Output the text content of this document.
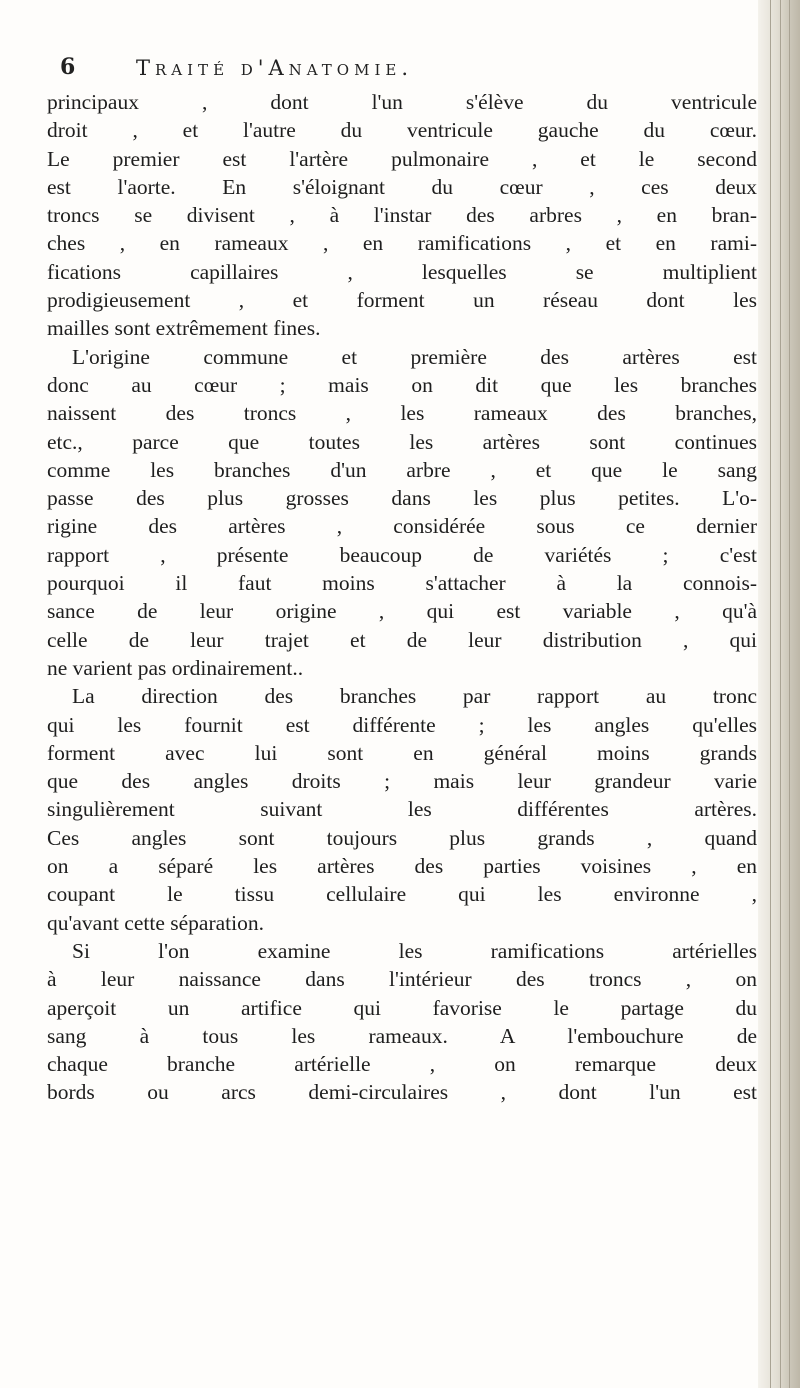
6	Traité d'Anatomie.
principaux , dont l'un s'élève du ventricule
droit , et l'autre du ventricule gauche du cœur.
Le premier est l'artère pulmonaire , et le second
est l'aorte. En s'éloignant du cœur , ces deux
troncs se divisent , à l'instar des arbres , en bran-
ches , en rameaux , en ramifications , et en rami-
fications capillaires , lesquelles se multiplient
prodigieusement , et forment un réseau dont les
mailles sont extrêmement fines.
L'origine commune et première des artères est
donc au cœur ; mais on dit que les branches
naissent des troncs , les rameaux des branches,
etc., parce que toutes les artères sont continues
comme les branches d'un arbre , et que le sang
passe des plus grosses dans les plus petites. L'o-
rigine des artères , considérée sous ce dernier
rapport , présente beaucoup de variétés ; c'est
pourquoi il faut moins s'attacher à la connois-
sance de leur origine , qui est variable , qu'à
celle de leur trajet et de leur distribution , qui
ne varient pas ordinairement..
La direction des branches par rapport au tronc
qui les fournit est différente ; les angles qu'elles
forment avec lui sont en général moins grands
que des angles droits ; mais leur grandeur varie
singulièrement suivant les différentes artères.
Ces angles sont toujours plus grands , quand
on a séparé les artères des parties voisines , en
coupant le tissu cellulaire qui les environne ,
qu'avant cette séparation.
Si l'on examine les ramifications artérielles
à leur naissance dans l'intérieur des troncs , on
aperçoit un artifice qui favorise le partage du
sang à tous les rameaux. A l'embouchure de
chaque branche artérielle , on remarque deux
bords ou arcs demi-circulaires , dont l'un est
